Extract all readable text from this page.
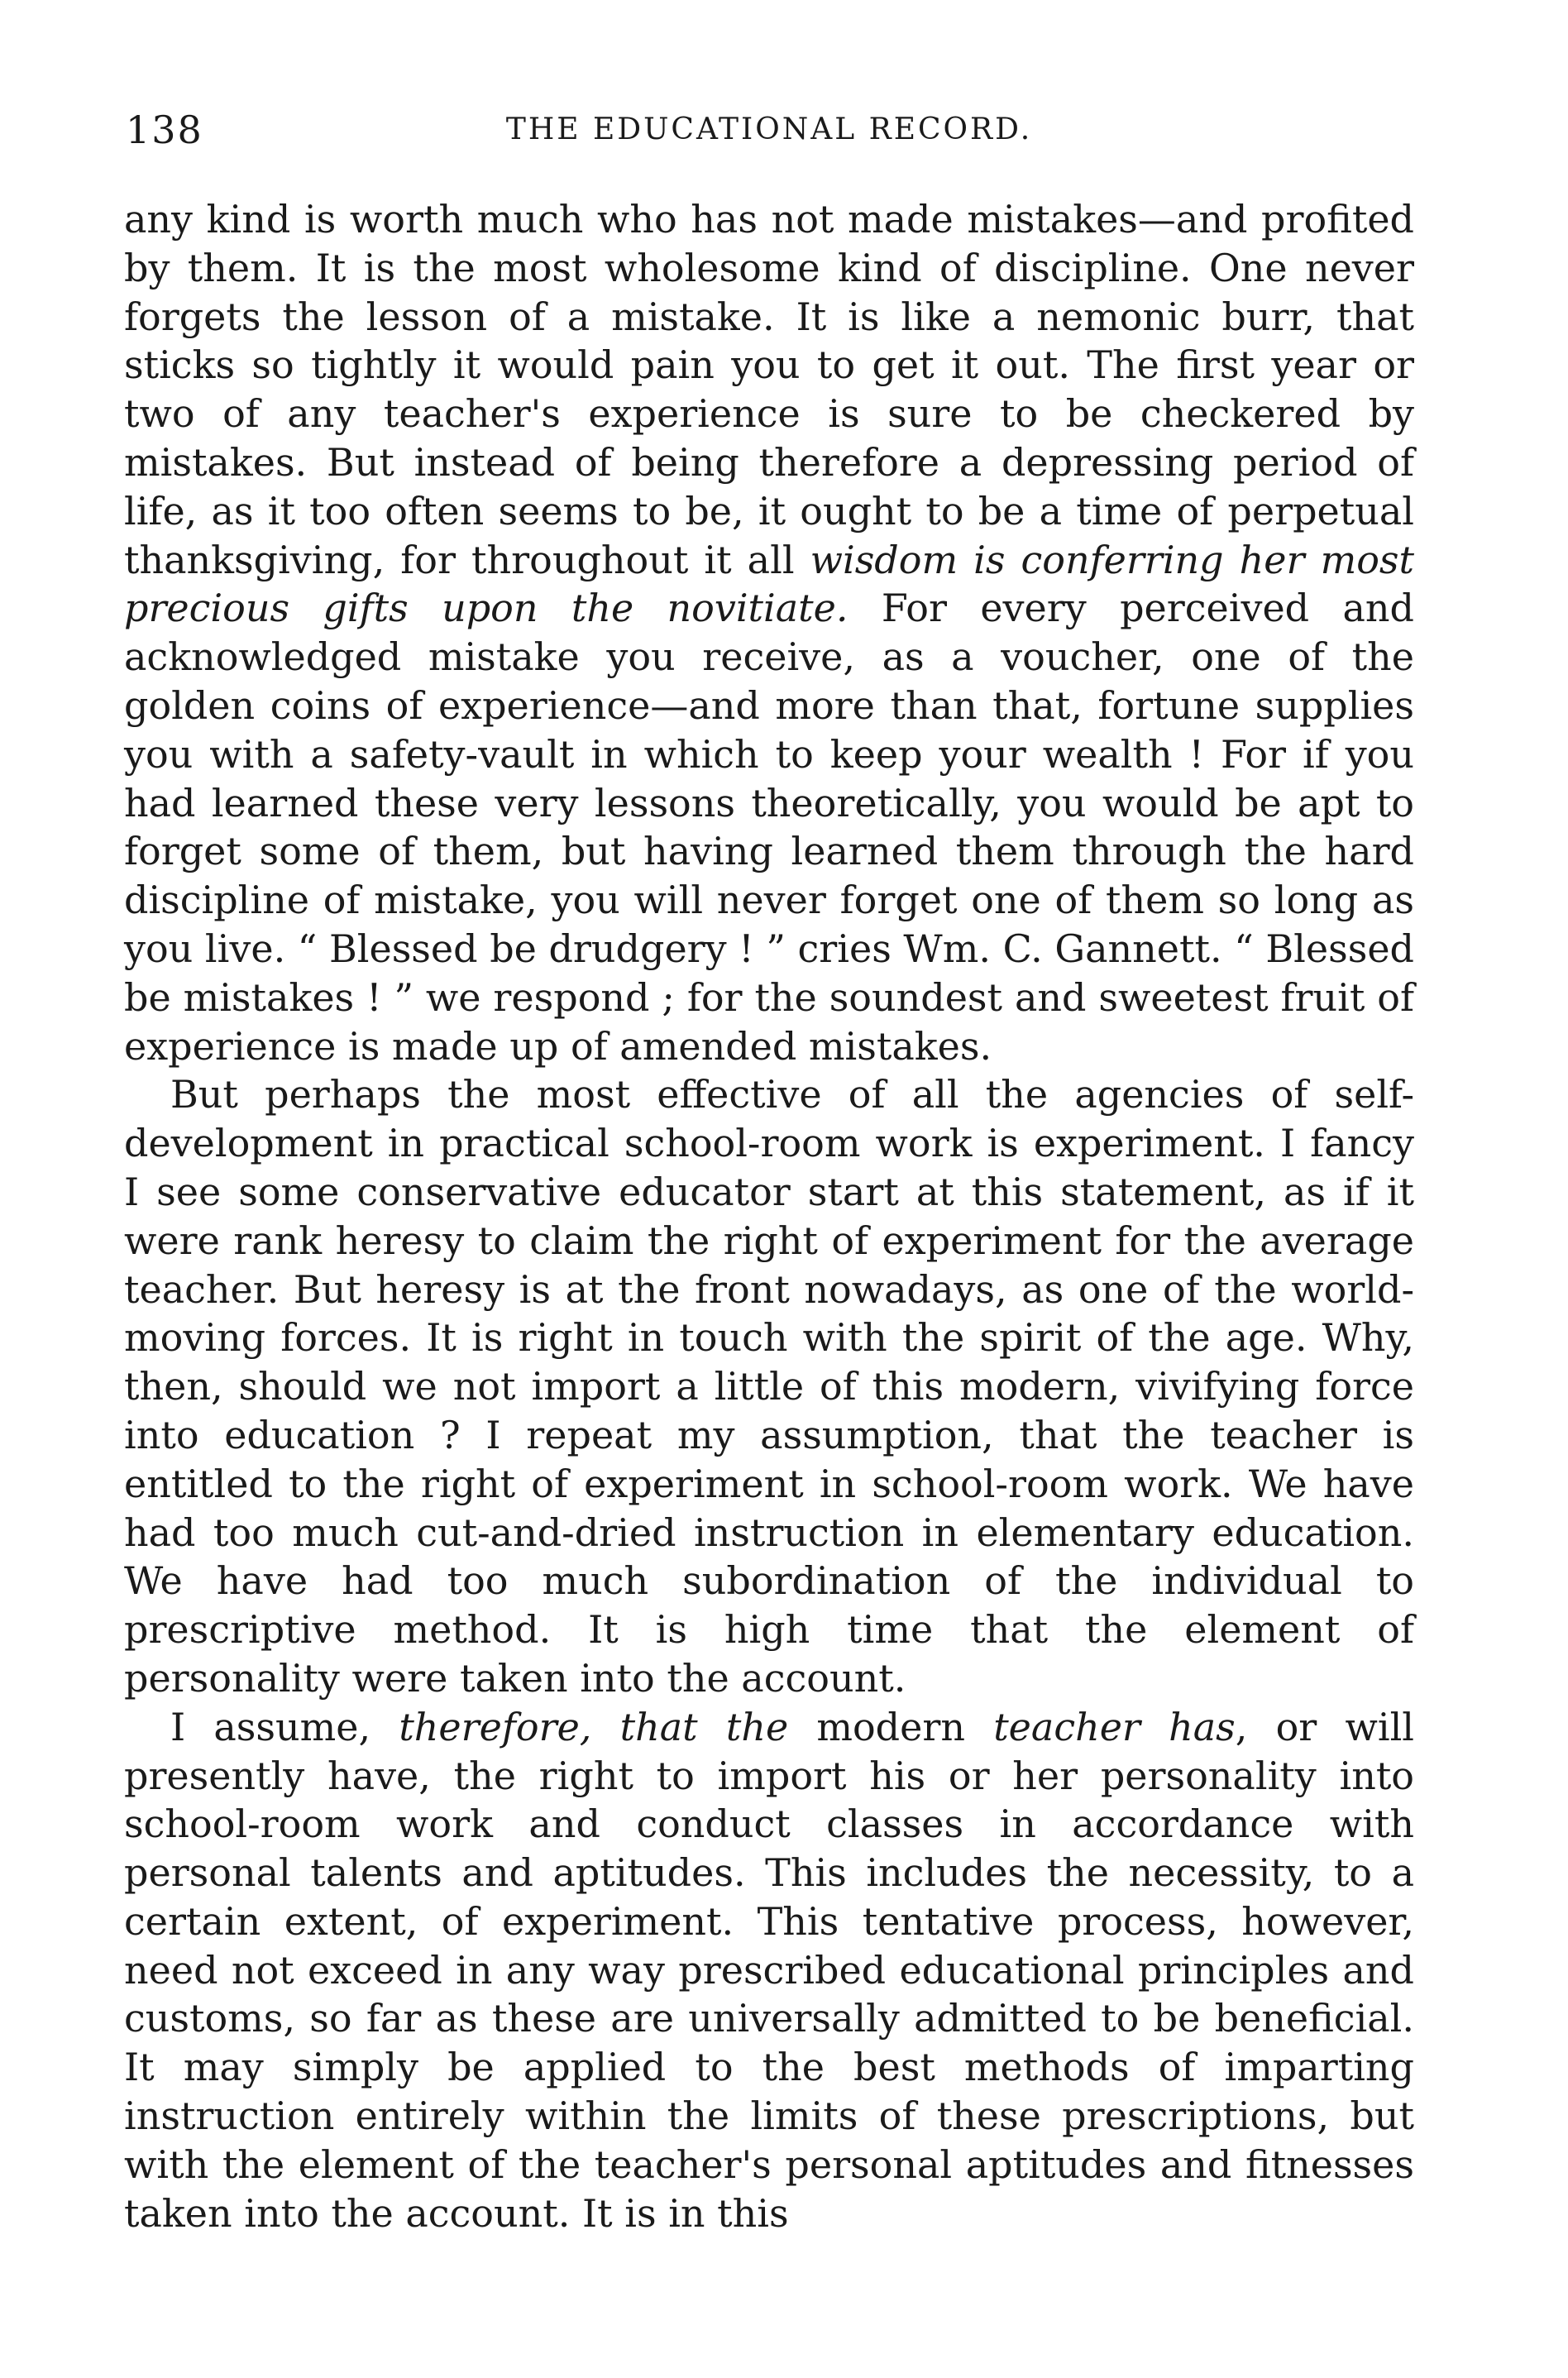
138	THE EDUCATIONAL RECORD.

any kind is worth much who has not made mistakes—and profited by them. It is the most wholesome kind of discipline. One never forgets the lesson of a mistake. It is like a nemonic burr, that sticks so tightly it would pain you to get it out. The first year or two of any teacher's experience is sure to be checkered by mistakes. But instead of being therefore a depressing period of life, as it too often seems to be, it ought to be a time of perpetual thanksgiving, for throughout it all wisdom is conferring her most precious gifts upon the novitiate. For every perceived and acknowledged mistake you receive, as a voucher, one of the golden coins of experience—and more than that, fortune supplies you with a safety-vault in which to keep your wealth ! For if you had learned these very lessons theoretically, you would be apt to forget some of them, but having learned them through the hard discipline of mistake, you will never forget one of them so long as you live. “ Blessed be drudgery ! ” cries Wm. C. Gannett. “ Blessed be mistakes ! ” we respond ; for the soundest and sweetest fruit of experience is made up of amended mistakes.

But perhaps the most effective of all the agencies of self-development in practical school-room work is experiment. I fancy I see some conservative educator start at this statement, as if it were rank heresy to claim the right of experiment for the average teacher. But heresy is at the front nowadays, as one of the world-moving forces. It is right in touch with the spirit of the age. Why, then, should we not import a little of this modern, vivifying force into education ? I repeat my assumption, that the teacher is entitled to the right of experiment in school-room work. We have had too much cut-and-dried instruction in elementary education. We have had too much subordination of the individual to prescriptive method. It is high time that the element of personality were taken into the account.

I assume, therefore, that the modern teacher has, or will presently have, the right to import his or her personality into school-room work and conduct classes in accordance with personal talents and aptitudes. This includes the necessity, to a certain extent, of experiment. This tentative process, however, need not exceed in any way prescribed educational principles and customs, so far as these are universally admitted to be beneficial. It may simply be applied to the best methods of imparting instruction entirely within the limits of these prescriptions, but with the element of the teacher's personal aptitudes and fitnesses taken into the account. It is in this
